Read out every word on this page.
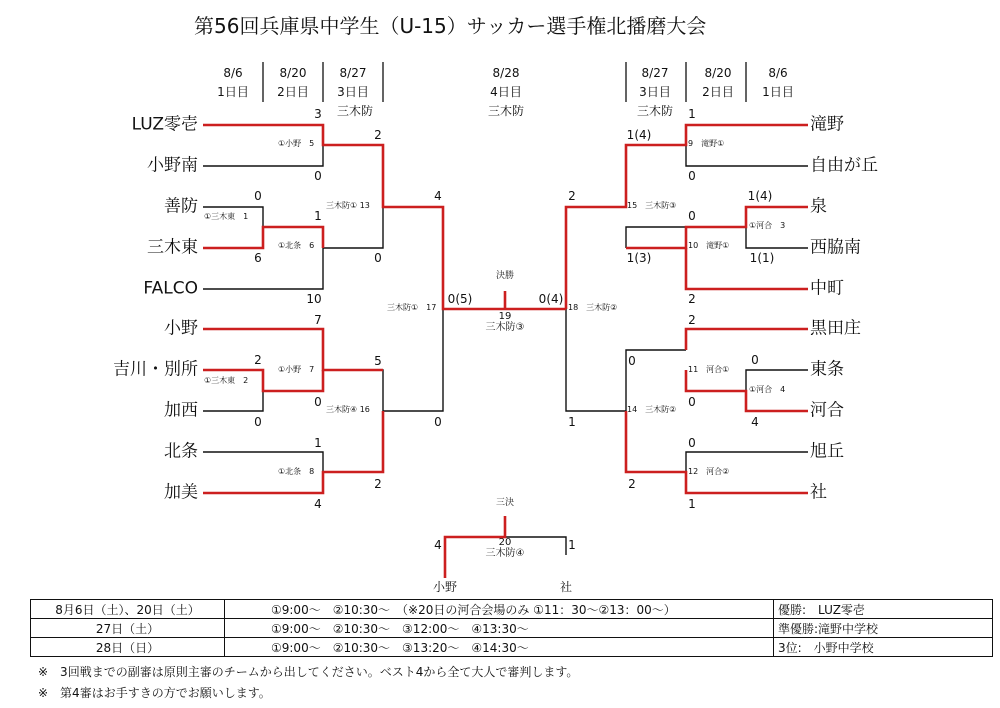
第56回兵庫県中学生（U-15）サッカー選手権北播磨大会
8/6
1日目
8/20
2日目
8/27
3日目
三木防
8/28
4日目
三木防
8/27
3日目
三木防
8/20
2日目
8/6
1日目
LUZ零壱
小野南
善防
三木東
FALCO
小野
吉川・別所
加西
北条
加美
滝野
自由が丘
泉
西脇南
中町
黒田庄
東条
河合
旭丘
社
①三木東　1
①三木東　2
①河合　3
①河合　4
①小野　5
①北条　6
①小野　7
①北条　8
9　滝野①
10　滝野①
11　河合①
12　河合②
三木防① 13
14　三木防②
15　三木防③
三木防④ 16
三木防①　17	18　三木防②
19
三木防③
20
三木防④
決勝
三決
小野	社
3
0
0
6
1
10
2
0
7
2
0
0
5
1
4
2
4
0
0(5)	0(4)
1
0
1(4)
1(1)
0
2
1(4)
1(3)
2
0
4
0
0
0
1
2
2
1
4	1
8月6日（土）、20日（土）	①9:00〜　②10:30〜　（※20日の河合会場のみ ①11：30〜②13：00〜）	優勝:　LUZ零壱
27日（土）	①9:00〜　②10:30〜　③12:00〜　④13:30〜	準優勝:滝野中学校
28日（日）	①9:00〜　②10:30〜　③13:20〜　④14:30〜	3位:　小野中学校
※　3回戦までの副審は原則主審のチームから出してください。ベスト4から全て大人で審判します。
※　第4審はお手すきの方でお願いします。
